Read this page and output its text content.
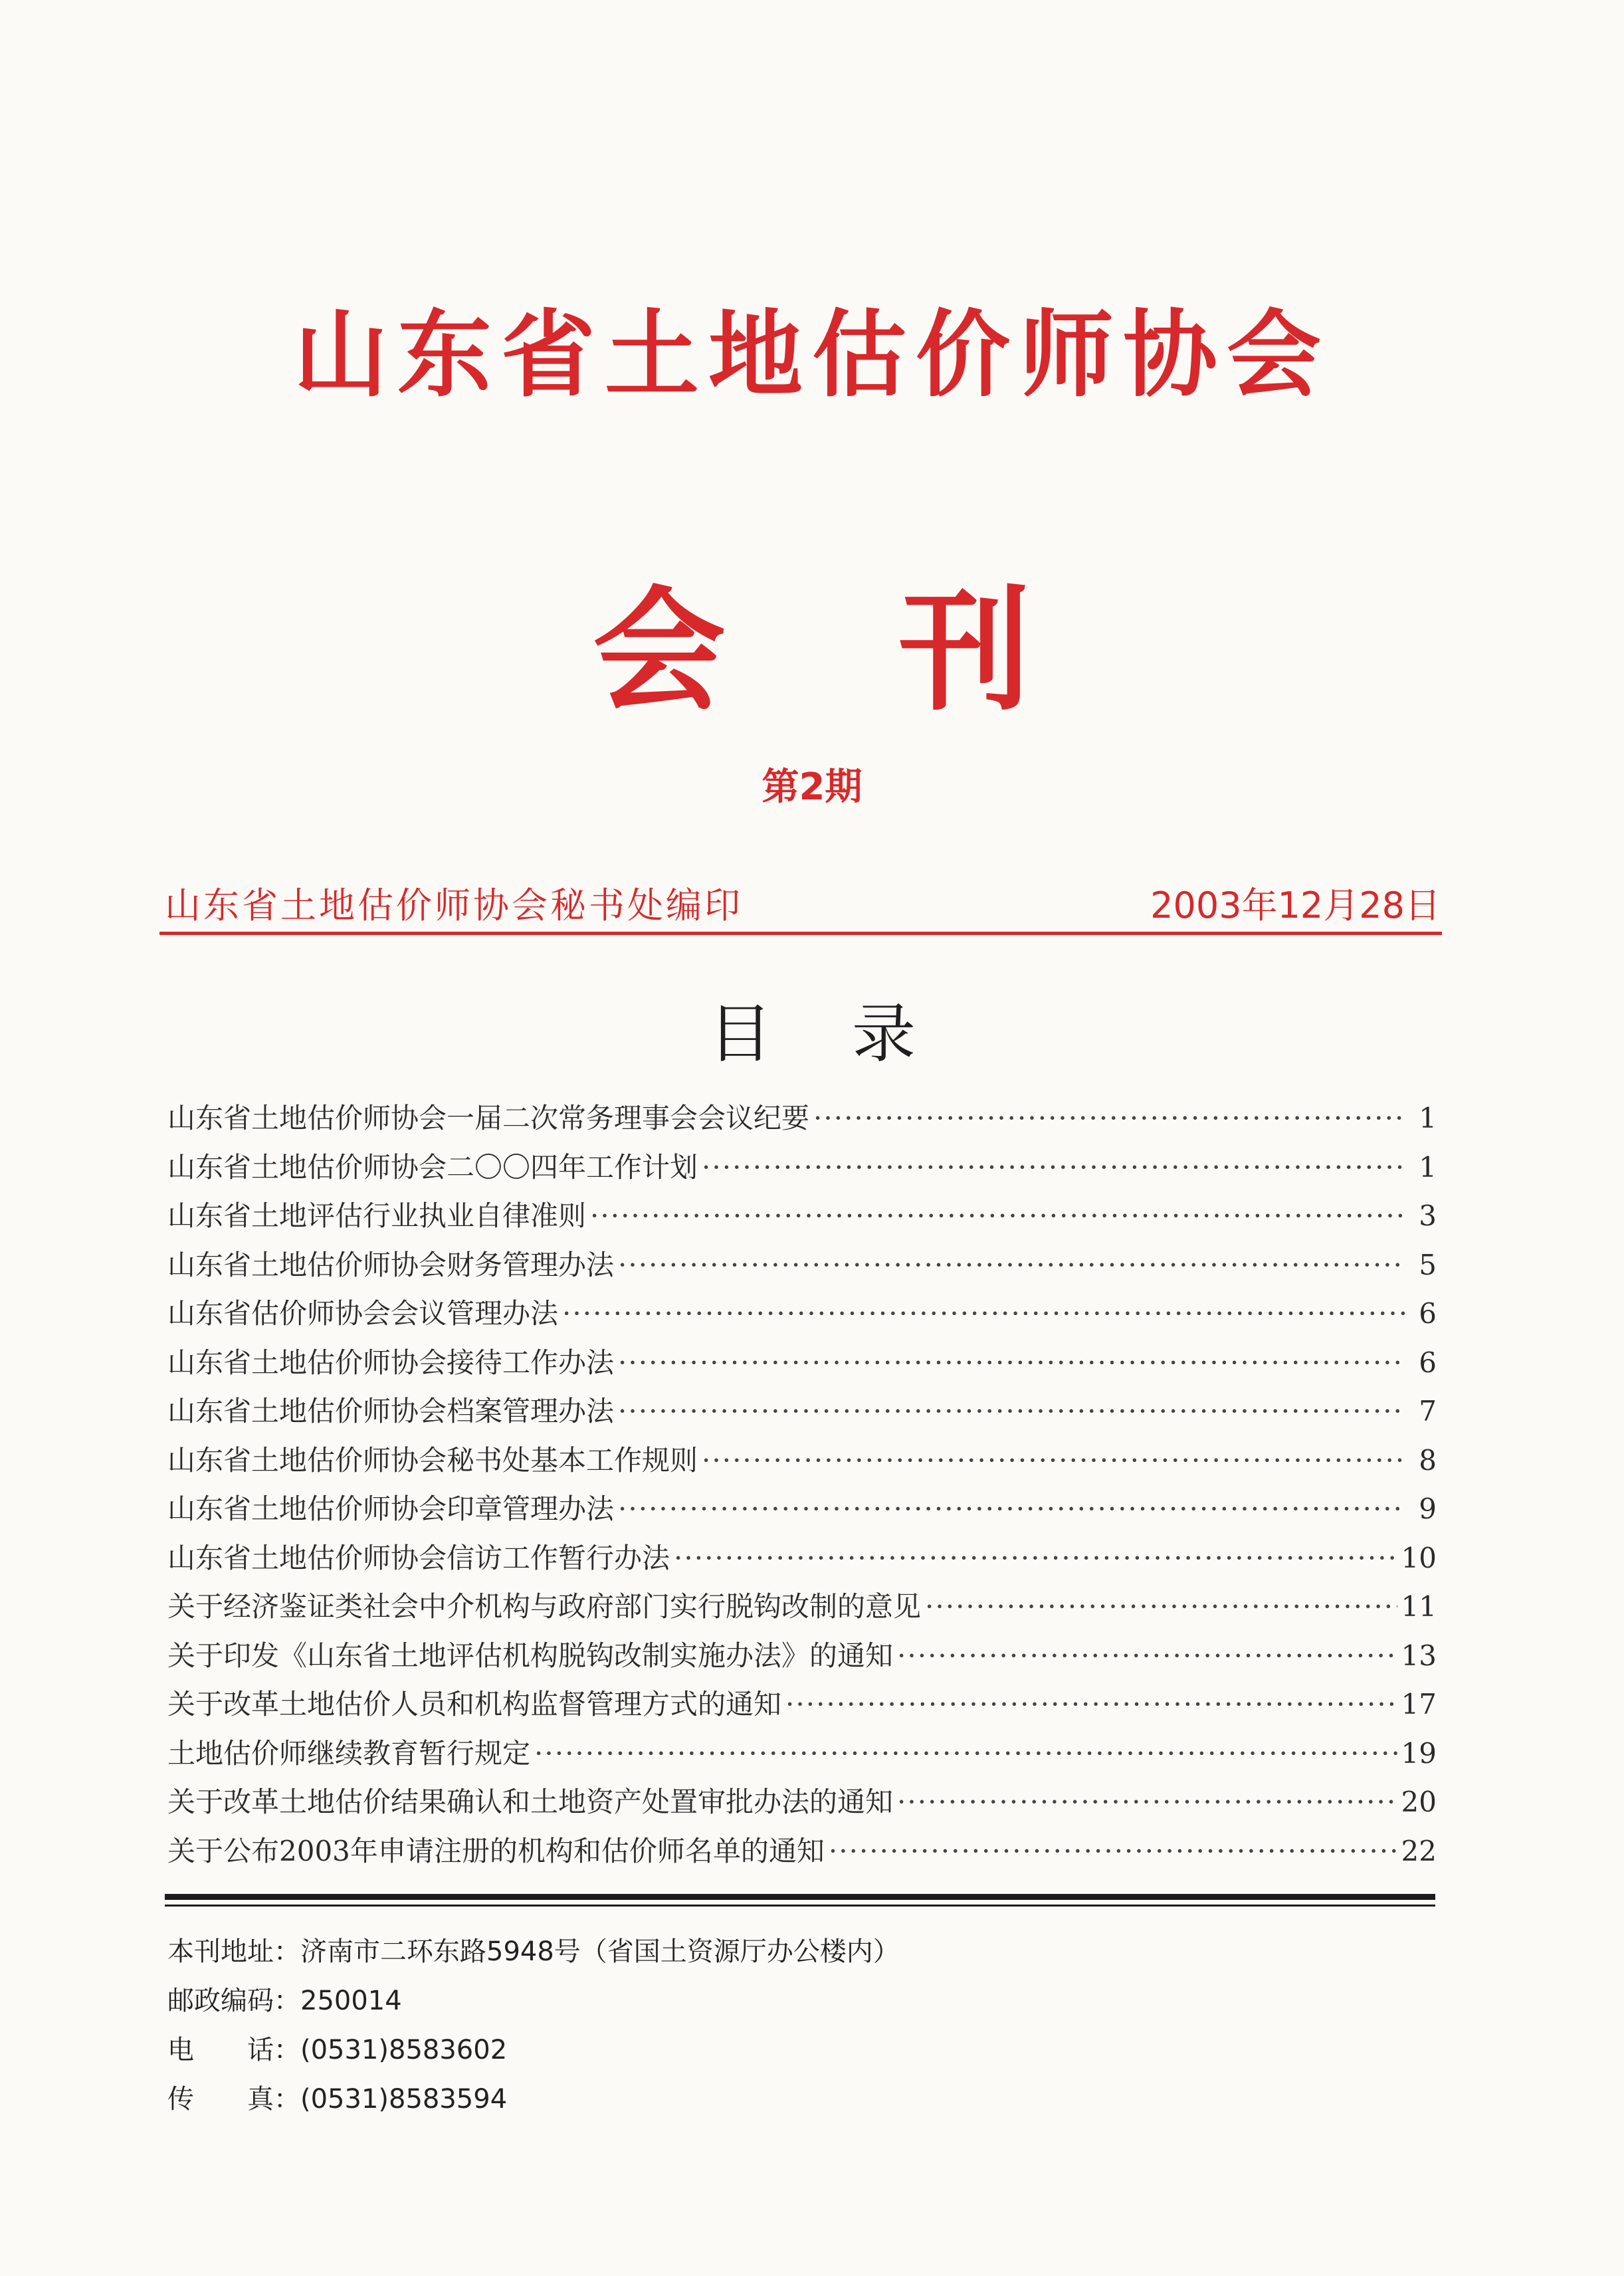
山东省土地估价师协会
会刊
第2期
山东省土地估价师协会秘书处编印	2003年12月28日
目录
山东省土地估价师协会一届二次常务理事会会议纪要 ·····	1
山东省土地估价师协会二〇〇四年工作计划 ·····	1
山东省土地评估行业执业自律准则 ·····	3
山东省土地估价师协会财务管理办法 ·····	5
山东省估价师协会会议管理办法 ·····	6
山东省土地估价师协会接待工作办法 ·····	6
山东省土地估价师协会档案管理办法 ·····	7
山东省土地估价师协会秘书处基本工作规则 ·····	8
山东省土地估价师协会印章管理办法 ·····	9
山东省土地估价师协会信访工作暂行办法 ·····	10
关于经济鉴证类社会中介机构与政府部门实行脱钩改制的意见 ·····	11
关于印发《山东省土地评估机构脱钩改制实施办法》的通知 ·····	13
关于改革土地估价人员和机构监督管理方式的通知 ·····	17
土地估价师继续教育暂行规定 ·····	19
关于改革土地估价结果确认和土地资产处置审批办法的通知 ·····	20
关于公布2003年申请注册的机构和估价师名单的通知 ·····	22
本刊地址： 济南市二环东路5948号（省国土资源厅办公楼内）
邮政编码： 250014
电　　话： (0531)8583602
传　　真： (0531)8583594
